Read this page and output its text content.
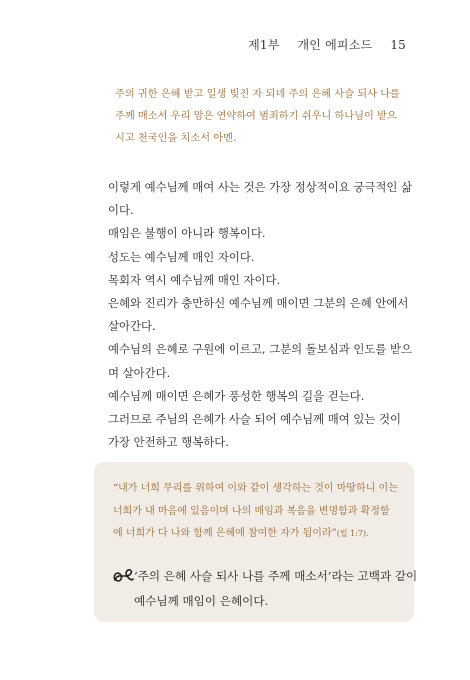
제1부 개인 에피소드 15
주의 귀한 은혜 받고 일생 빚진 자 되네 주의 은혜 사슬 되사 나를
주께 매소서 우리 맘은 연약하여 범죄하기 쉬우니 하나님이 받으
시고 천국인을 치소서 아멘.

이렇게 예수님께 매여 사는 것은 가장 정상적이요 궁극적인 삶이다.

매임은 불행이 아니라 행복이다.

성도는 예수님께 매인 자이다.

목회자 역시 예수님께 매인 자이다.

은혜와 진리가 충만하신 예수님께 매이면 그분의 은혜 안에서 살아간다.

예수님의 은혜로 구원에 이르고, 그분의 돌보심과 인도를 받으며 살아간다.

예수님께 매이면 은혜가 풍성한 행복의 길을 걷는다.

그러므로 주님의 은혜가 사슬 되어 예수님께 매여 있는 것이 가장 안전하고 행복하다.

“내가 너희 무리를 위하여 이와 같이 생각하는 것이 마땅하니 이는
너희가 내 마음에 있음이며 나의 매임과 복음을 변명함과 확정함
에 너희가 다 나와 함께 은혜에 참여한 자가 됨이라”(빌 1:7).
‘주의 은혜 사슬 되사 나를 주께 매소서’라는 고백과 같이
예수님께 매임이 은혜이다.
